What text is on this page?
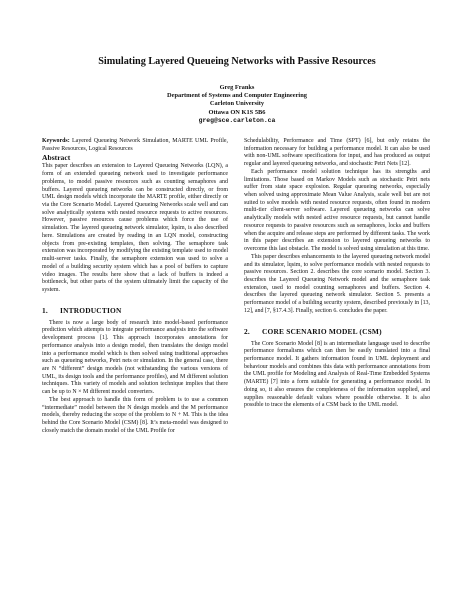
Simulating Layered Queueing Networks with Passive Resources
Greg Franks
Department of Systems and Computer Engineering
Carleton University
Ottawa ON K1S 5B6
greg@sce.carleton.ca

Keywords: Layered Queueing Network Simulation, MARTE UML Profile, Passive Resources, Logical Resources

Abstract

This paper describes an extension to Layered Queueing Networks (LQN), a form of an extended queueing network used to investigate performance problems, to model passive resources such as counting semaphores and buffers. Layered queueing networks can be constructed directly, or from UML design models which incorporate the MARTE profile, either directly or via the Core Scenario Model. Layered Queueing Networks scale well and can solve analytically systems with nested resource requests to active resources. However, passive resources cause problems which force the use of simulation. The layered queueing network simulator, lqsim, is also described here. Simulations are created by reading in an LQN model, constructing objects from pre-existing templates, then solving. The semaphore task extension was incorporated by modifying the existing template used to model multi-server tasks. Finally, the semaphore extension was used to solve a model of a building security system which has a pool of buffers to capture video images. The results here show that a lack of buffers is indeed a bottleneck, but other parts of the system ultimately limit the capacity of the system.

1. INTRODUCTION

There is now a large body of research into model-based performance prediction which attempts to integrate performance analysis into the software development process [1]. This approach incorporates annotations for performance analysis into a design model, then translates the design model into a performance model which is then solved using traditional approaches such as queueing networks, Petri nets or simulation. In the general case, there are N “different” design models (not withstanding the various versions of UML, its design tools and the performance profiles), and M different solution techniques. This variety of models and solution technique implies that there can be up to N × M different model converters.

The best approach to handle this form of problem is to use a common “intermediate” model between the N design models and the M performance models, thereby reducing the scope of the problem to N + M. This is the idea behind the Core Scenario Model (CSM) [8]. It’s meta-model was designed to closely match the domain model of the UML Profile for

Schedulability, Performance and Time (SPT) [6], but only retains the information necessary for building a performance model. It can also be used with non-UML software specifications for input, and has produced as output regular and layered queueing networks, and stochastic Petri Nets [12].

Each performance model solution technique has its strengths and limitations. Those based on Markov Models such as stochastic Petri nets suffer from state space explosion. Regular queueing networks, especially when solved using approximate Mean Value Analysis, scale well but are not suited to solve models with nested resource requests, often found in modern multi-tier client-server software. Layered queueing networks can solve analytically models with nested active resource requests, but cannot handle resource requests to passive resources such as semaphores, locks and buffers when the acquire and release steps are performed by different tasks. The work in this paper describes an extension to layered queueing networks to overcome this last obstacle. The model is solved using simulation at this time.

This paper describes enhancements to the layered queueing network model and its simulator, lqsim, to solve performance models with nested requests to passive resources. Section 2. describes the core scenario model. Section 3. describes the Layered Queueing Network model and the semaphore task extension, used to model counting semaphores and buffers. Section 4. describes the layered queueing network simulator. Section 5. presents a performance model of a building security system, described previously in [13, 12], and [7, §17.4.3]. Finally, section 6. concludes the paper.

2. CORE SCENARIO MODEL (CSM)

The Core Scenario Model [8] is an intermediate language used to describe performance formalisms which can then be easily translated into a final performance model. It gathers information found in UML deployment and behaviour models and combines this data with performance annotations from the UML profile for Modeling and Analysis of Real-Time Embedded Systems (MARTE) [7] into a form suitable for generating a performance model. In doing so, it also ensures the completeness of the information supplied, and supplies reasonable default values where possible otherwise. It is also possible to trace the elements of a CSM back to the UML model.
